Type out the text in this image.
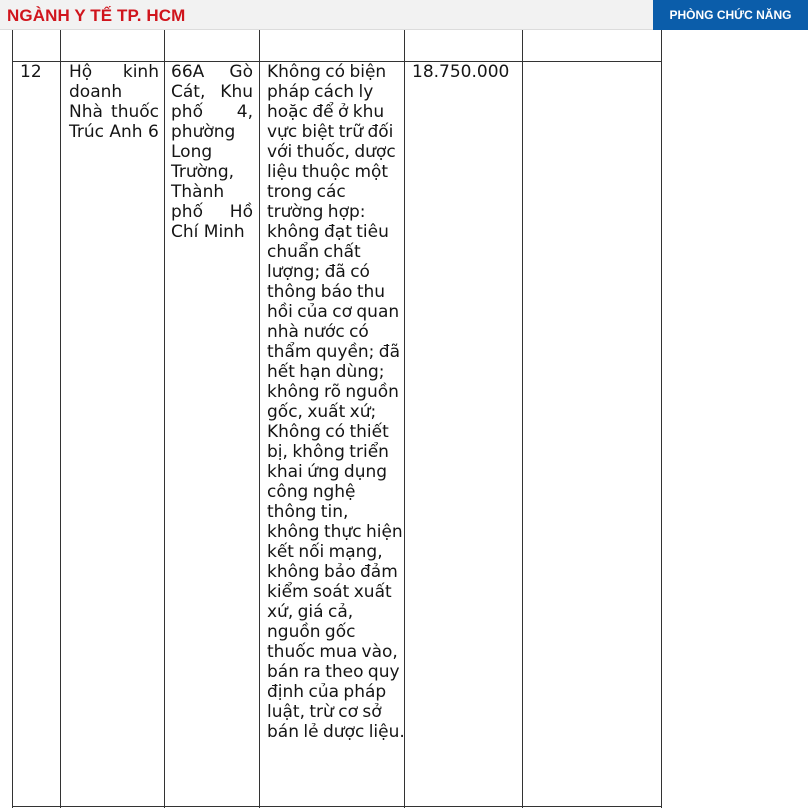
NGÀNH Y TẾ TP. HCM	PHÒNG CHỨC NĂNG
12	Hộ kinh doanh Nhà thuốc Trúc Anh 6
66A Gò Cát, Khu phố 4, phường Long Trường, Thành phố Hồ Chí Minh

Không có biện pháp cách ly hoặc để ở khu vực biệt trữ đối với thuốc, dược liệu thuộc một trong các trường hợp: không đạt tiêu chuẩn chất lượng; đã có thông báo thu hồi của cơ quan nhà nước có thẩm quyền; đã hết hạn dùng; không rõ nguồn gốc, xuất xứ;

Không có thiết bị, không triển khai ứng dụng công nghệ thông tin, không thực hiện kết nối mạng, không bảo đảm kiểm soát xuất xứ, giá cả, nguồn gốc thuốc mua vào, bán ra theo quy định của pháp luật, trừ cơ sở bán lẻ dược liệu.

18.750.000
